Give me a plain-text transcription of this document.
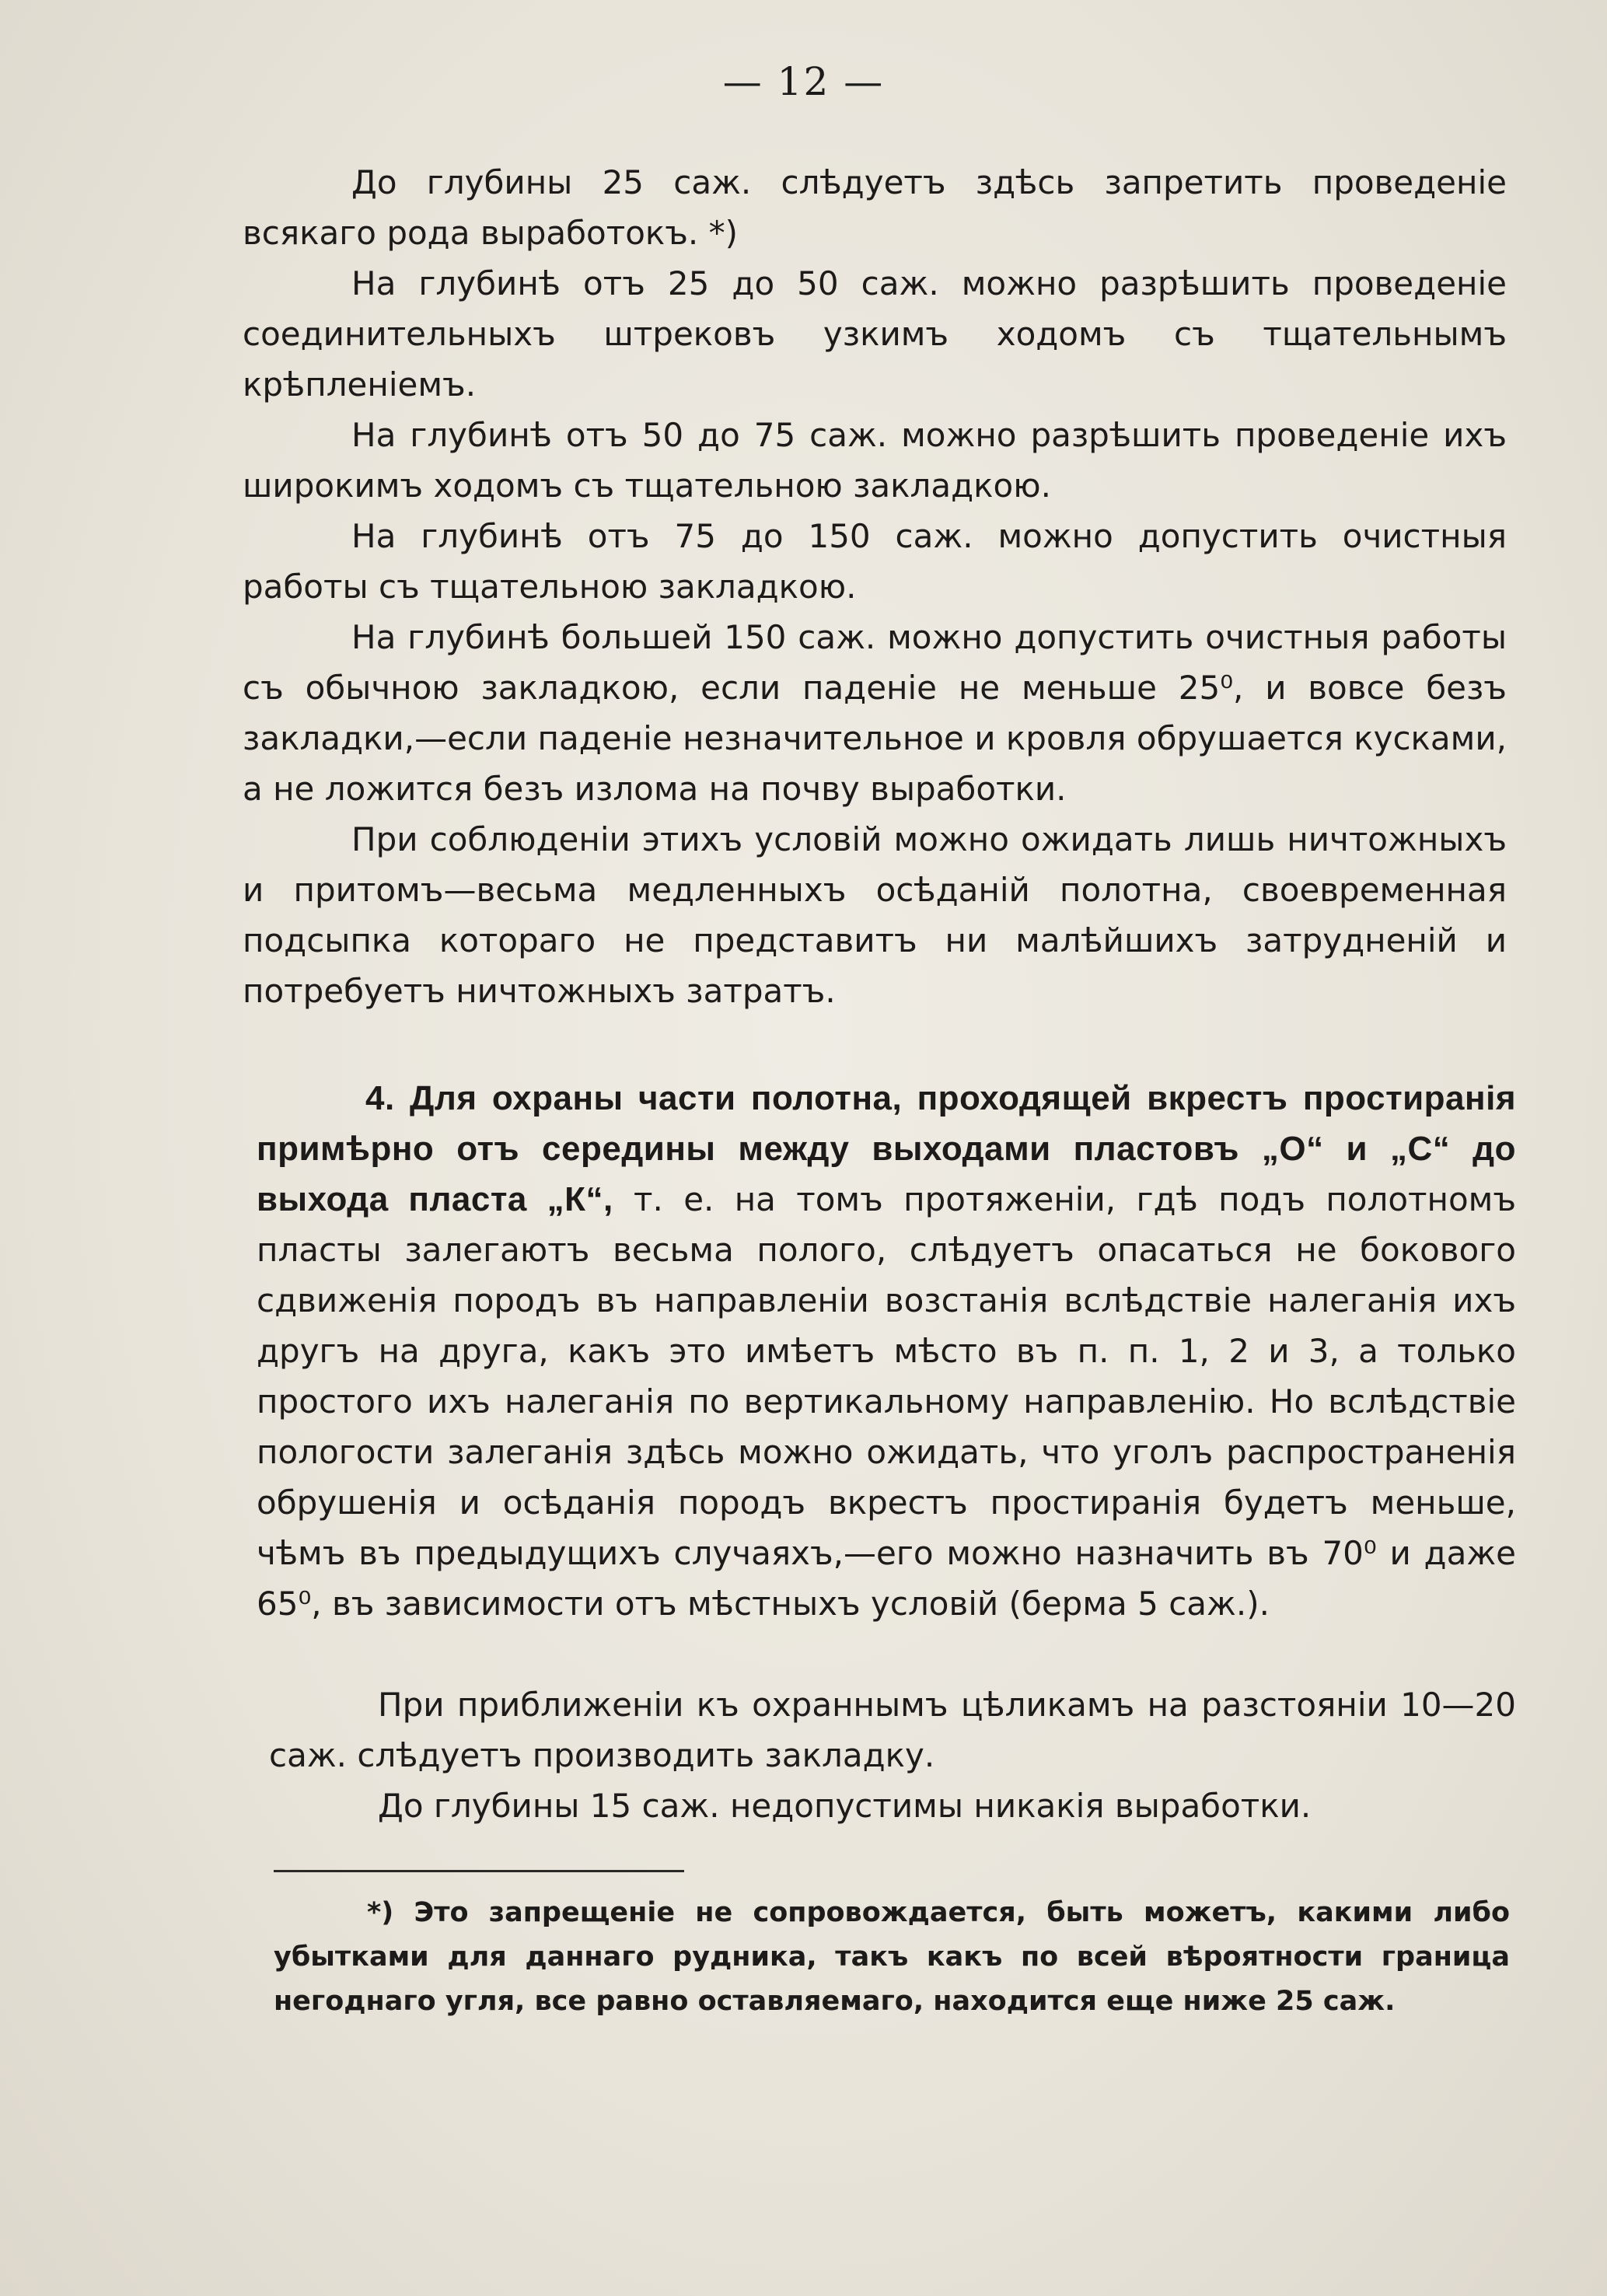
— 12 —

До глубины 25 саж. слѣдуетъ здѣсь запретить проведенiе всякаго рода выработокъ. *)

На глубинѣ отъ 25 до 50 саж. можно разрѣшить проведенiе соединительныхъ штрековъ узкимъ ходомъ съ тщательнымъ крѣпленiемъ.

На глубинѣ отъ 50 до 75 саж. можно разрѣшить проведенiе ихъ широкимъ ходомъ съ тщательною закладкою.

На глубинѣ отъ 75 до 150 саж. можно допустить очистныя работы съ тщательною закладкою.

На глубинѣ большей 150 саж. можно допустить очистныя работы съ обычною закладкою, если паденiе не меньше 25⁰, и вовсе безъ закладки,—если паденiе незначительное и кровля обрушается кусками, а не ложится безъ излома на почву выработки.

При соблюденiи этихъ условiй можно ожидать лишь ничтожныхъ и притомъ—весьма медленныхъ осѣданiй полотна, своевременная подсыпка котораго не представитъ ни малѣйшихъ затрудненiй и потребуетъ ничтожныхъ затратъ.

4. Для охраны части полотна, проходящей вкрестъ простиранiя примѣрно отъ середины между выходами пластовъ „О“ и „С“ до выхода пласта „К“, т. е. на томъ протяженiи, гдѣ подъ полотномъ пласты залегаютъ весьма полого, слѣдуетъ опасаться не бокового сдвиженiя породъ въ направленiи возстанiя вслѣдствiе налеганiя ихъ другъ на друга, какъ это имѣетъ мѣсто въ п. п. 1, 2 и 3, а только простого ихъ налеганiя по вертикальному направленiю. Но вслѣдствiе пологости залеганiя здѣсь можно ожидать, что уголъ распространенiя обрушенiя и осѣданiя породъ вкрестъ простиранiя будетъ меньше, чѣмъ въ предыдущихъ случаяхъ,—его можно назначить въ 70⁰ и даже 65⁰, въ зависимости отъ мѣстныхъ условiй (берма 5 саж.).

При приближенiи къ охраннымъ цѣликамъ на разстоянiи 10—20 саж. слѣдуетъ производить закладку.

До глубины 15 саж. недопустимы никакiя выработки.

*) Это запрещенiе не сопровождается, быть можетъ, какими либо убытками для даннаго рудника, такъ какъ по всей вѣроятности граница негоднаго угля, все равно оставляемаго, находится еще ниже 25 саж.
